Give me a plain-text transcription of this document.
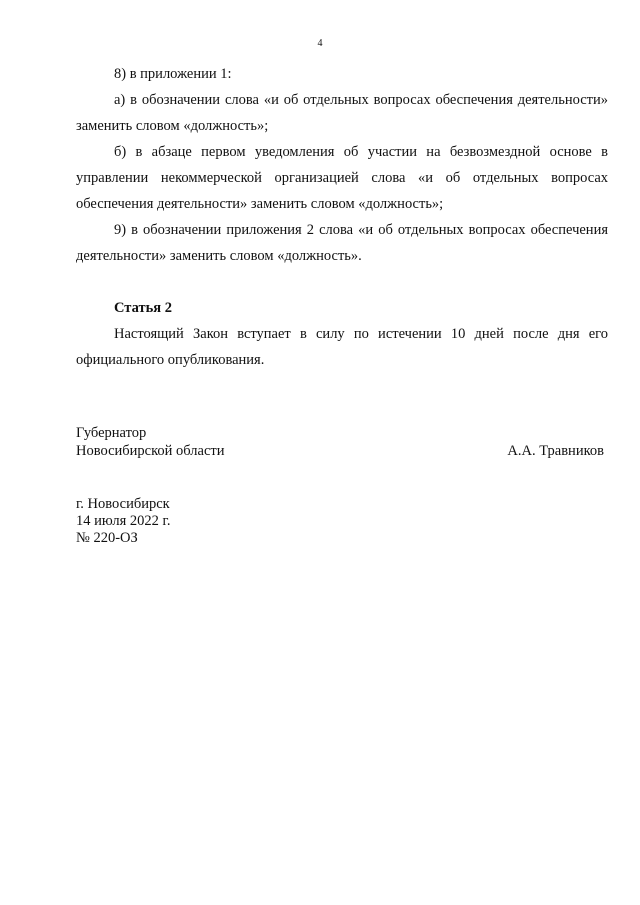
4

8) в приложении 1:

а) в обозначении слова «и об отдельных вопросах обеспечения деятельности» заменить словом «должность»;

б) в абзаце первом уведомления об участии на безвозмездной основе в управлении некоммерческой организацией слова «и об отдельных вопросах обеспечения деятельности» заменить словом «должность»;

9) в обозначении приложения 2 слова «и об отдельных вопросах обеспечения деятельности» заменить словом «должность».

Статья 2

Настоящий Закон вступает в силу по истечении 10 дней после дня его официального опубликования.

Губернатор
Новосибирской области	А.А. Травников
г. Новосибирск
14 июля 2022 г.
№ 220-ОЗ
